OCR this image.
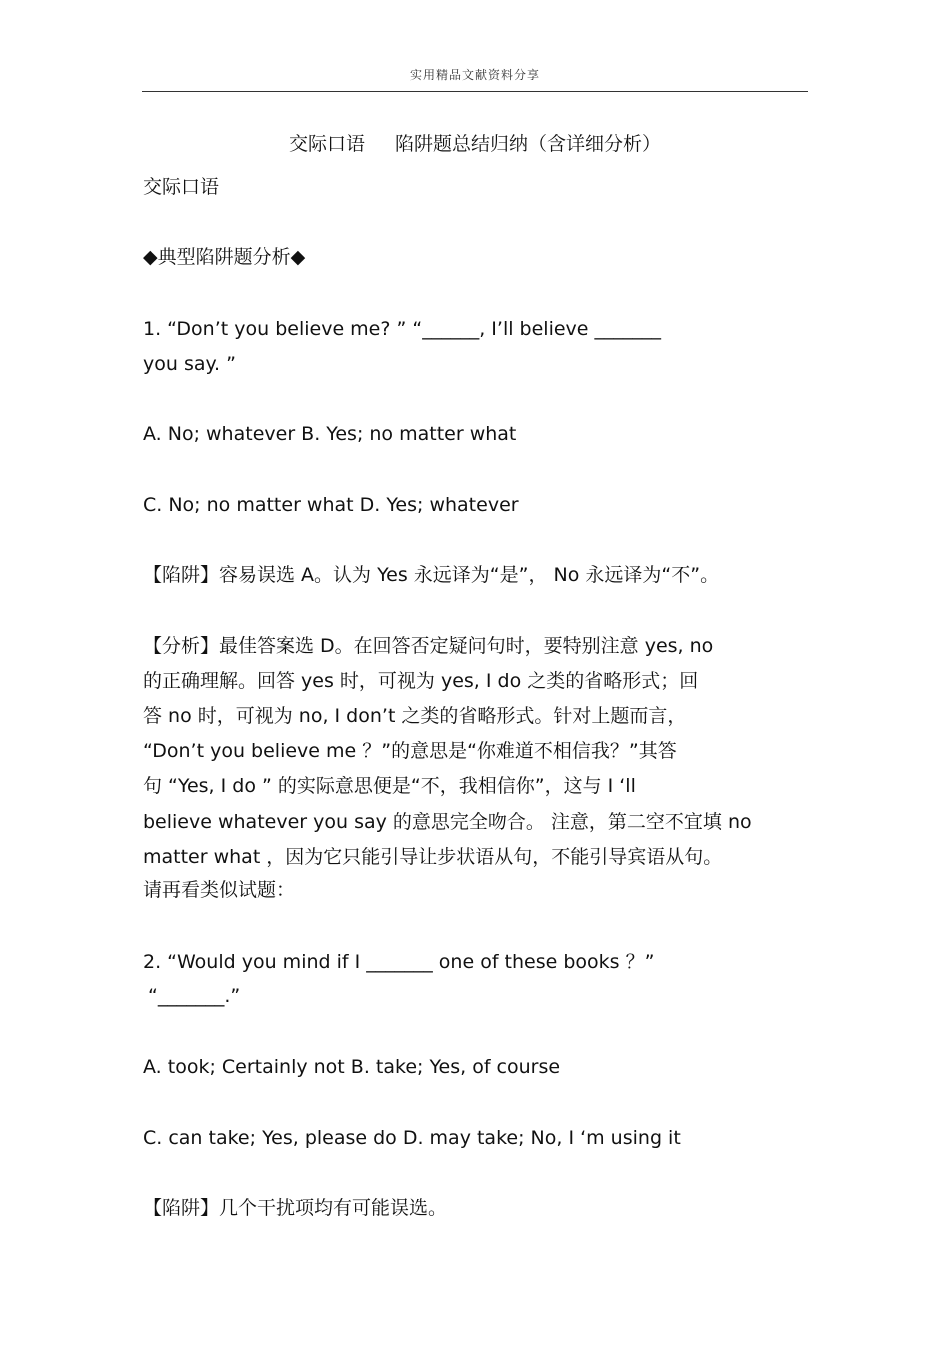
实用精品文献资料分享
交际口语 陷阱题总结归纳（含详细分析）
交际口语
◆典型陷阱题分析◆
1. “Don’t you believe me? ” “______, I’ll believe _______
you say. ”
A. No; whatever B. Yes; no matter what
C. No; no matter what D. Yes; whatever
【陷阱】容易误选 A。认为 Yes 永远译为“是”， No 永远译为“不”。
【分析】最佳答案选 D。在回答否定疑问句时，要特别注意 yes, no
的正确理解。回答 yes 时，可视为 yes, I do 之类的省略形式；回
答 no 时，可视为 no, I don’t 之类的省略形式。针对上题而言，
“Don’t you believe me ？”的意思是“你难道不相信我？”其答
句 “Yes, I do ” 的实际意思便是“不，我相信你”，这与 I ‘ll
believe whatever you say 的意思完全吻合。 注意，第二空不宜填 no
matter what ，因为它只能引导让步状语从句，不能引导宾语从句。
请再看类似试题：
2. “Would you mind if I _______ one of these books ？”
“_______.”
A. took; Certainly not B. take; Yes, of course
C. can take; Yes, please do D. may take; No, I ‘m using it
【陷阱】几个干扰项均有可能误选。
